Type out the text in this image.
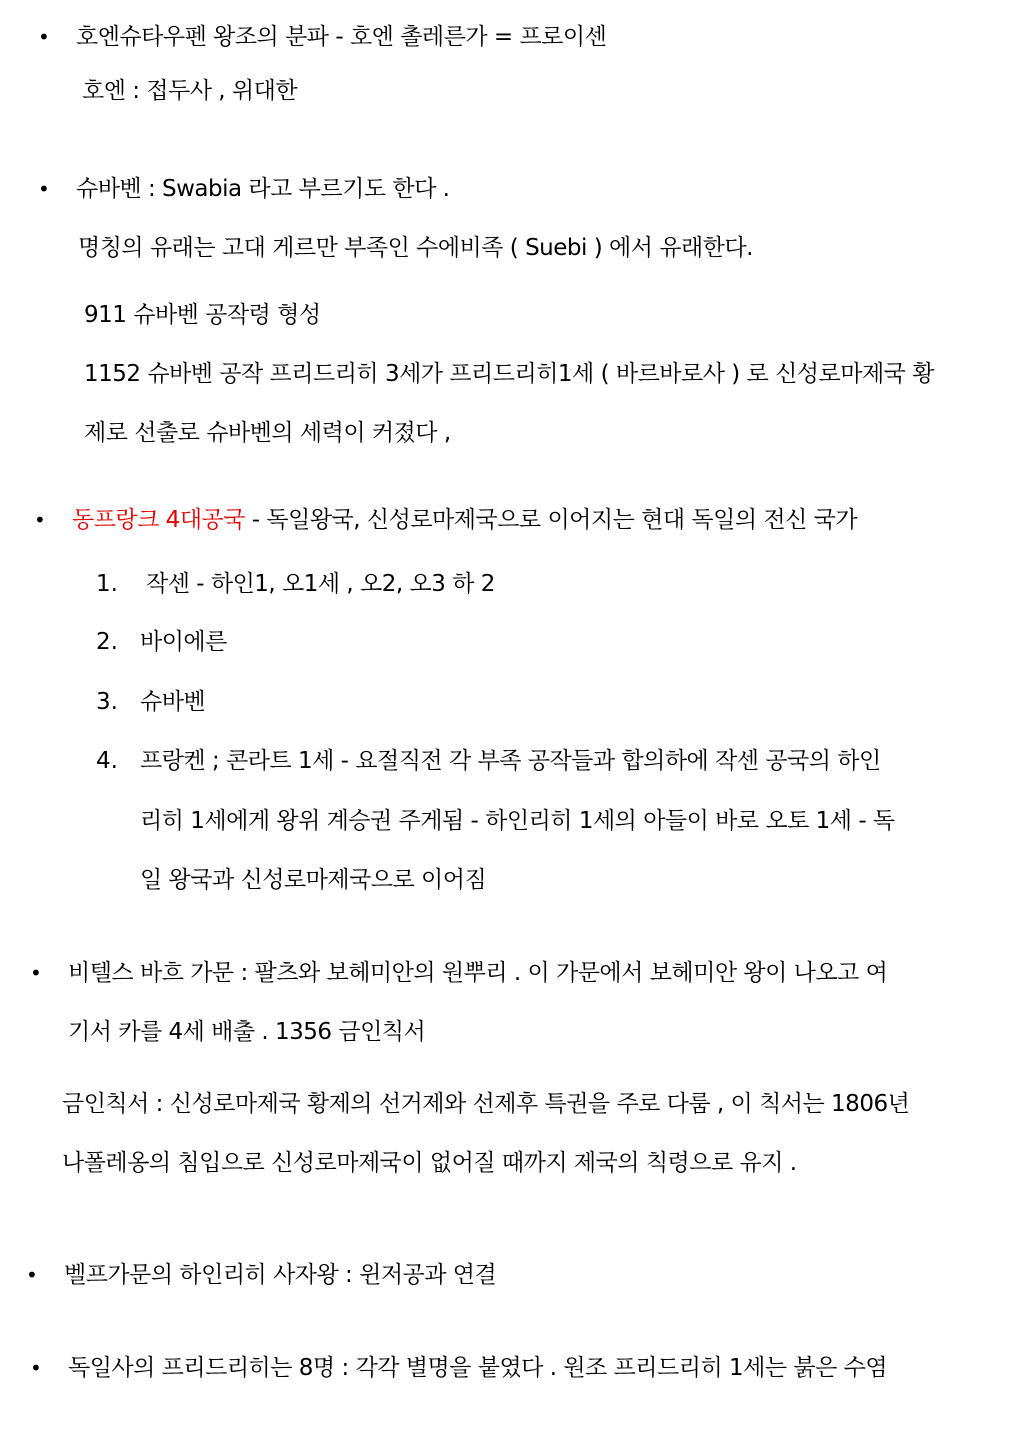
• 호엔슈타우펜 왕조의 분파 - 호엔 촐레른가 = 프로이센
호엔 : 접두사 , 위대한
• 슈바벤 : Swabia 라고 부르기도 한다 .
명칭의 유래는 고대 게르만 부족인 수에비족 ( Suebi ) 에서 유래한다.
911 슈바벤 공작령 형성
1152 슈바벤 공작 프리드리히 3세가 프리드리히1세 ( 바르바로사 ) 로 신성로마제국 황
제로 선출로 슈바벤의 세력이 커졌다 ,
• 동프랑크 4대공국 - 독일왕국, 신성로마제국으로 이어지는 현대 독일의 전신 국가
1. 작센 - 하인1, 오1세 , 오2, 오3 하 2
2. 바이에른
3. 슈바벤
4. 프랑켄 ; 콘라트 1세 - 요절직전 각 부족 공작들과 합의하에 작센 공국의 하인
리히 1세에게 왕위 계승권 주게됨 - 하인리히 1세의 아들이 바로 오토 1세 - 독
일 왕국과 신성로마제국으로 이어짐
• 비텔스 바흐 가문 : 팔츠와 보헤미안의 원뿌리 . 이 가문에서 보헤미안 왕이 나오고 여
기서 카를 4세 배출 . 1356 금인칙서
금인칙서 : 신성로마제국 황제의 선거제와 선제후 특권을 주로 다룸 , 이 칙서는 1806년
나폴레옹의 침입으로 신성로마제국이 없어질 때까지 제국의 칙령으로 유지 .
• 벨프가문의 하인리히 사자왕 : 윈저공과 연결
• 독일사의 프리드리히는 8명 : 각각 별명을 붙였다 . 원조 프리드리히 1세는 붉은 수염
